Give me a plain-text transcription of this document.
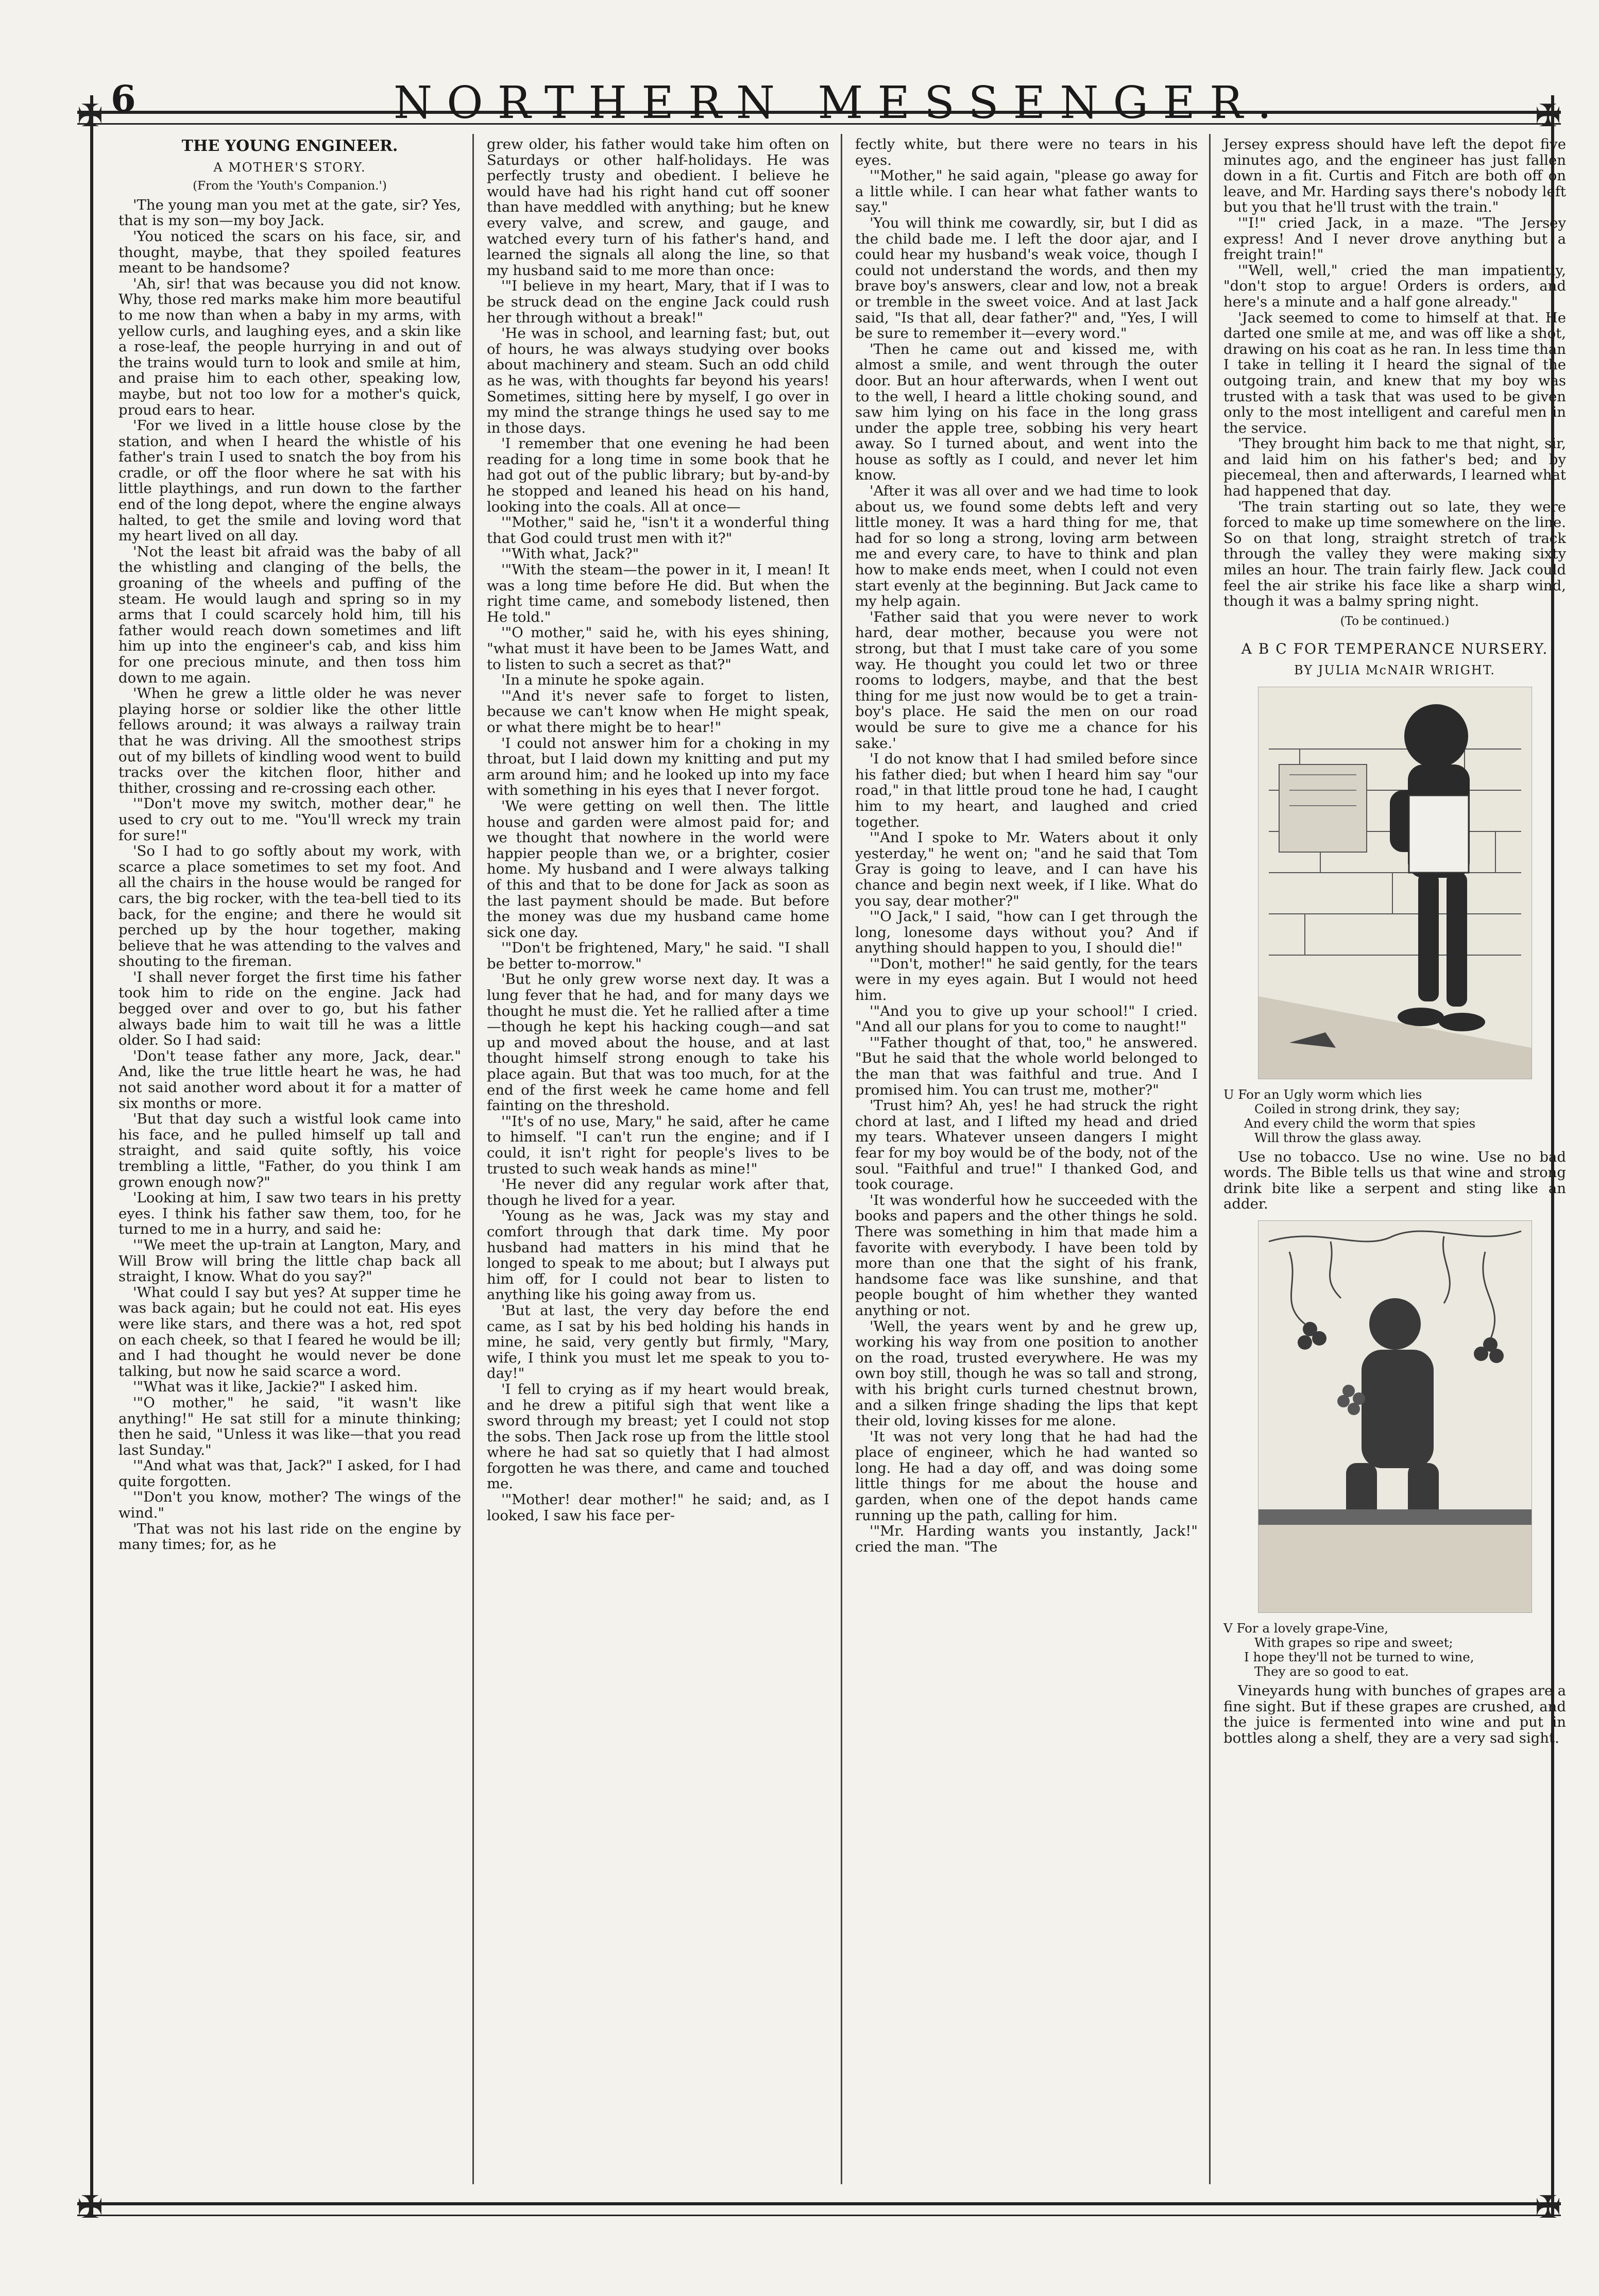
✠	✠
✠	✠
6	NORTHERN MESSENGER.

THE YOUNG ENGINEER.

A MOTHER'S STORY.

(From the 'Youth's Companion.')

'The young man you met at the gate, sir? Yes, that is my son—my boy Jack.

'You noticed the scars on his face, sir, and thought, maybe, that they spoiled features meant to be handsome?

'Ah, sir! that was because you did not know. Why, those red marks make him more beautiful to me now than when a baby in my arms, with yellow curls, and laughing eyes, and a skin like a rose-leaf, the people hurrying in and out of the trains would turn to look and smile at him, and praise him to each other, speaking low, maybe, but not too low for a mother's quick, proud ears to hear.

'For we lived in a little house close by the station, and when I heard the whistle of his father's train I used to snatch the boy from his cradle, or off the floor where he sat with his little playthings, and run down to the farther end of the long depot, where the engine always halted, to get the smile and loving word that my heart lived on all day.

'Not the least bit afraid was the baby of all the whistling and clanging of the bells, the groaning of the wheels and puffing of the steam. He would laugh and spring so in my arms that I could scarcely hold him, till his father would reach down sometimes and lift him up into the engineer's cab, and kiss him for one precious minute, and then toss him down to me again.

'When he grew a little older he was never playing horse or soldier like the other little fellows around; it was always a railway train that he was driving. All the smoothest strips out of my billets of kindling wood went to build tracks over the kitchen floor, hither and thither, crossing and re-crossing each other.

'"Don't move my switch, mother dear," he used to cry out to me. "You'll wreck my train for sure!"

'So I had to go softly about my work, with scarce a place sometimes to set my foot. And all the chairs in the house would be ranged for cars, the big rocker, with the tea-bell tied to its back, for the engine; and there he would sit perched up by the hour together, making believe that he was attending to the valves and shouting to the fireman.

'I shall never forget the first time his father took him to ride on the engine. Jack had begged over and over to go, but his father always bade him to wait till he was a little older. So I had said:

'Don't tease father any more, Jack, dear." And, like the true little heart he was, he had not said another word about it for a matter of six months or more.

'But that day such a wistful look came into his face, and he pulled himself up tall and straight, and said quite softly, his voice trembling a little, "Father, do you think I am grown enough now?"

'Looking at him, I saw two tears in his pretty eyes. I think his father saw them, too, for he turned to me in a hurry, and said he:

'"We meet the up-train at Langton, Mary, and Will Brow will bring the little chap back all straight, I know. What do you say?"

'What could I say but yes? At supper time he was back again; but he could not eat. His eyes were like stars, and there was a hot, red spot on each cheek, so that I feared he would be ill; and I had thought he would never be done talking, but now he said scarce a word.

'"What was it like, Jackie?" I asked him.

'"O mother," he said, "it wasn't like anything!" He sat still for a minute thinking; then he said, "Unless it was like—that you read last Sunday."

'"And what was that, Jack?" I asked, for I had quite forgotten.

'"Don't you know, mother? The wings of the wind."

'That was not his last ride on the engine by many times; for, as he

grew older, his father would take him often on Saturdays or other half-holidays. He was perfectly trusty and obedient. I believe he would have had his right hand cut off sooner than have meddled with anything; but he knew every valve, and screw, and gauge, and watched every turn of his father's hand, and learned the signals all along the line, so that my husband said to me more than once:

'"I believe in my heart, Mary, that if I was to be struck dead on the engine Jack could rush her through without a break!"

'He was in school, and learning fast; but, out of hours, he was always studying over books about machinery and steam. Such an odd child as he was, with thoughts far beyond his years! Sometimes, sitting here by myself, I go over in my mind the strange things he used say to me in those days.

'I remember that one evening he had been reading for a long time in some book that he had got out of the public library; but by-and-by he stopped and leaned his head on his hand, looking into the coals. All at once—

'"Mother," said he, "isn't it a wonderful thing that God could trust men with it?"

'"With what, Jack?"

'"With the steam—the power in it, I mean! It was a long time before He did. But when the right time came, and somebody listened, then He told."

'"O mother," said he, with his eyes shining, "what must it have been to be James Watt, and to listen to such a secret as that?"

'In a minute he spoke again.

'"And it's never safe to forget to listen, because we can't know when He might speak, or what there might be to hear!"

'I could not answer him for a choking in my throat, but I laid down my knitting and put my arm around him; and he looked up into my face with something in his eyes that I never forgot.

'We were getting on well then. The little house and garden were almost paid for; and we thought that nowhere in the world were happier people than we, or a brighter, cosier home. My husband and I were always talking of this and that to be done for Jack as soon as the last payment should be made. But before the money was due my husband came home sick one day.

'"Don't be frightened, Mary," he said. "I shall be better to-morrow."

'But he only grew worse next day. It was a lung fever that he had, and for many days we thought he must die. Yet he rallied after a time—though he kept his hacking cough—and sat up and moved about the house, and at last thought himself strong enough to take his place again. But that was too much, for at the end of the first week he came home and fell fainting on the threshold.

'"It's of no use, Mary," he said, after he came to himself. "I can't run the engine; and if I could, it isn't right for people's lives to be trusted to such weak hands as mine!"

'He never did any regular work after that, though he lived for a year.

'Young as he was, Jack was my stay and comfort through that dark time. My poor husband had matters in his mind that he longed to speak to me about; but I always put him off, for I could not bear to listen to anything like his going away from us.

'But at last, the very day before the end came, as I sat by his bed holding his hands in mine, he said, very gently but firmly, "Mary, wife, I think you must let me speak to you to-day!"

'I fell to crying as if my heart would break, and he drew a pitiful sigh that went like a sword through my breast; yet I could not stop the sobs. Then Jack rose up from the little stool where he had sat so quietly that I had almost forgotten he was there, and came and touched me.

'"Mother! dear mother!" he said; and, as I looked, I saw his face per-

fectly white, but there were no tears in his eyes.

'"Mother," he said again, "please go away for a little while. I can hear what father wants to say."

'You will think me cowardly, sir, but I did as the child bade me. I left the door ajar, and I could hear my husband's weak voice, though I could not understand the words, and then my brave boy's answers, clear and low, not a break or tremble in the sweet voice. And at last Jack said, "Is that all, dear father?" and, "Yes, I will be sure to remember it—every word."

'Then he came out and kissed me, with almost a smile, and went through the outer door. But an hour afterwards, when I went out to the well, I heard a little choking sound, and saw him lying on his face in the long grass under the apple tree, sobbing his very heart away. So I turned about, and went into the house as softly as I could, and never let him know.

'After it was all over and we had time to look about us, we found some debts left and very little money. It was a hard thing for me, that had for so long a strong, loving arm between me and every care, to have to think and plan how to make ends meet, when I could not even start evenly at the beginning. But Jack came to my help again.

'Father said that you were never to work hard, dear mother, because you were not strong, but that I must take care of you some way. He thought you could let two or three rooms to lodgers, maybe, and that the best thing for me just now would be to get a train-boy's place. He said the men on our road would be sure to give me a chance for his sake.'

'I do not know that I had smiled before since his father died; but when I heard him say "our road," in that little proud tone he had, I caught him to my heart, and laughed and cried together.

'"And I spoke to Mr. Waters about it only yesterday," he went on; "and he said that Tom Gray is going to leave, and I can have his chance and begin next week, if I like. What do you say, dear mother?"

'"O Jack," I said, "how can I get through the long, lonesome days without you? And if anything should happen to you, I should die!"

'"Don't, mother!" he said gently, for the tears were in my eyes again. But I would not heed him.

'"And you to give up your school!" I cried. "And all our plans for you to come to naught!"

'"Father thought of that, too," he answered. "But he said that the whole world belonged to the man that was faithful and true. And I promised him. You can trust me, mother?"

'Trust him? Ah, yes! he had struck the right chord at last, and I lifted my head and dried my tears. Whatever unseen dangers I might fear for my boy would be of the body, not of the soul. "Faithful and true!" I thanked God, and took courage.

'It was wonderful how he succeeded with the books and papers and the other things he sold. There was something in him that made him a favorite with everybody. I have been told by more than one that the sight of his frank, handsome face was like sunshine, and that people bought of him whether they wanted anything or not.

'Well, the years went by and he grew up, working his way from one position to another on the road, trusted everywhere. He was my own boy still, though he was so tall and strong, with his bright curls turned chestnut brown, and a silken fringe shading the lips that kept their old, loving kisses for me alone.

'It was not very long that he had had the place of engineer, which he had wanted so long. He had a day off, and was doing some little things for me about the house and garden, when one of the depot hands came running up the path, calling for him.

'"Mr. Harding wants you instantly, Jack!" cried the man. "The

Jersey express should have left the depot five minutes ago, and the engineer has just fallen down in a fit. Curtis and Fitch are both off on leave, and Mr. Harding says there's nobody left but you that he'll trust with the train."

'"I!" cried Jack, in a maze. "The Jersey express! And I never drove anything but a freight train!"

'"Well, well," cried the man impatiently, "don't stop to argue! Orders is orders, and here's a minute and a half gone already."

'Jack seemed to come to himself at that. He darted one smile at me, and was off like a shot, drawing on his coat as he ran. In less time than I take in telling it I heard the signal of the outgoing train, and knew that my boy was trusted with a task that was used to be given only to the most intelligent and careful men in the service.

'They brought him back to me that night, sir, and laid him on his father's bed; and by piecemeal, then and afterwards, I learned what had happened that day.

'The train starting out so late, they were forced to make up time somewhere on the line. So on that long, straight stretch of track through the valley they were making sixty miles an hour. The train fairly flew. Jack could feel the air strike his face like a sharp wind, though it was a balmy spring night.

(To be continued.)

A B C FOR TEMPERANCE NURSERY.

BY JULIA McNAIR WRIGHT.

U For an Ugly worm which lies
Coiled in strong drink, they say;
And every child the worm that spies
Will throw the glass away.

Use no tobacco. Use no wine. Use no bad words. The Bible tells us that wine and strong drink bite like a serpent and sting like an adder.

V For a lovely grape-Vine,
With grapes so ripe and sweet;
I hope they'll not be turned to wine,
They are so good to eat.

Vineyards hung with bunches of grapes are a fine sight. But if these grapes are crushed, and the juice is fermented into wine and put in bottles along a shelf, they are a very sad sight.
